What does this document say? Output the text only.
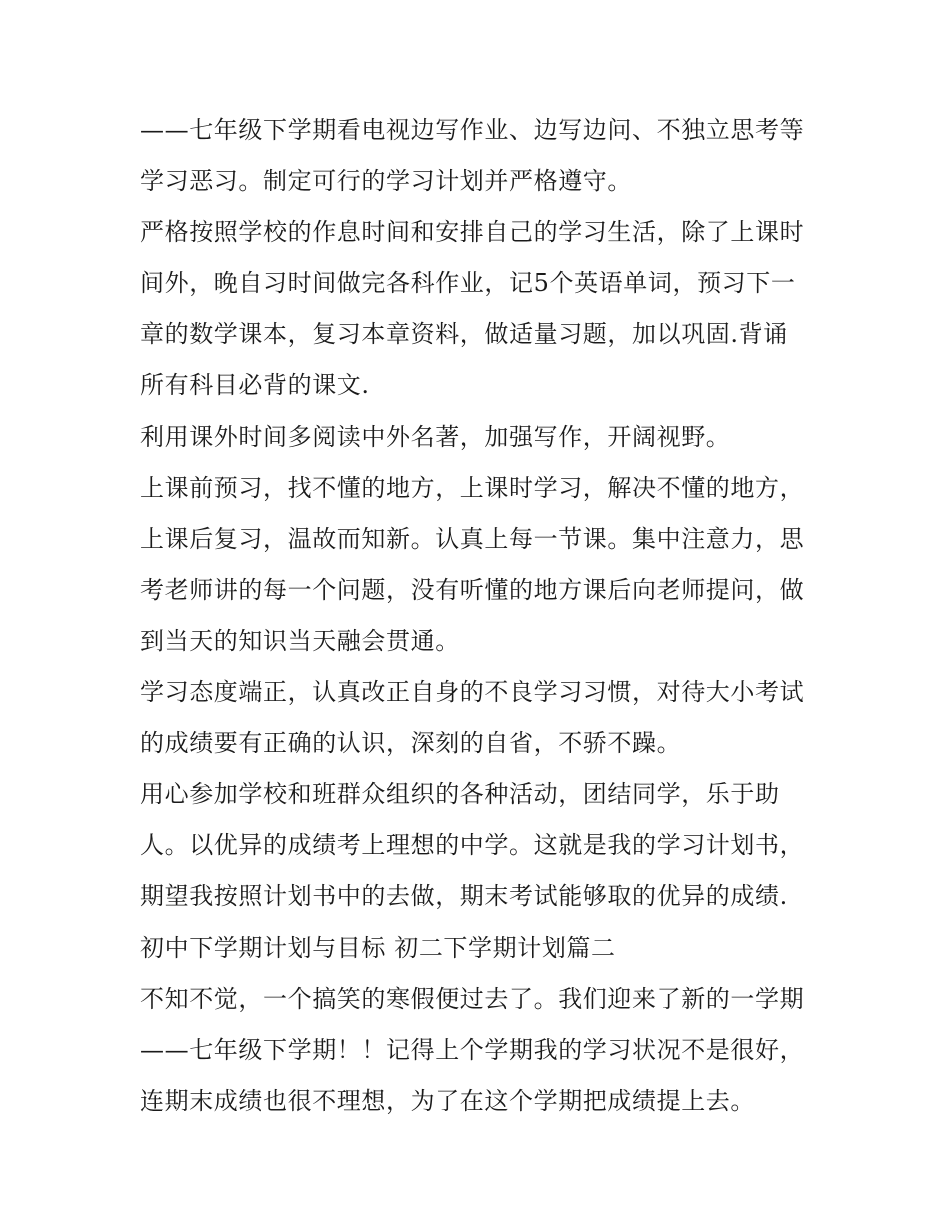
——七年级下学期看电视边写作业、边写边问、不独立思考等
学习恶习。制定可行的学习计划并严格遵守。
严格按照学校的作息时间和安排自己的学习生活，除了上课时
间外，晚自习时间做完各科作业，记5个英语单词，预习下一
章的数学课本，复习本章资料，做适量习题，加以巩固.背诵
所有科目必背的课文.
利用课外时间多阅读中外名著，加强写作，开阔视野。
上课前预习，找不懂的地方，上课时学习，解决不懂的地方，
上课后复习，温故而知新。认真上每一节课。集中注意力，思
考老师讲的每一个问题，没有听懂的地方课后向老师提问，做
到当天的知识当天融会贯通。
学习态度端正，认真改正自身的不良学习习惯，对待大小考试
的成绩要有正确的认识，深刻的自省，不骄不躁。
用心参加学校和班群众组织的各种活动，团结同学，乐于助
人。以优异的成绩考上理想的中学。这就是我的学习计划书，
期望我按照计划书中的去做，期末考试能够取的优异的成绩.
初中下学期计划与目标 初二下学期计划篇二
不知不觉，一个搞笑的寒假便过去了。我们迎来了新的一学期
——七年级下学期！！记得上个学期我的学习状况不是很好，
连期末成绩也很不理想，为了在这个学期把成绩提上去。
